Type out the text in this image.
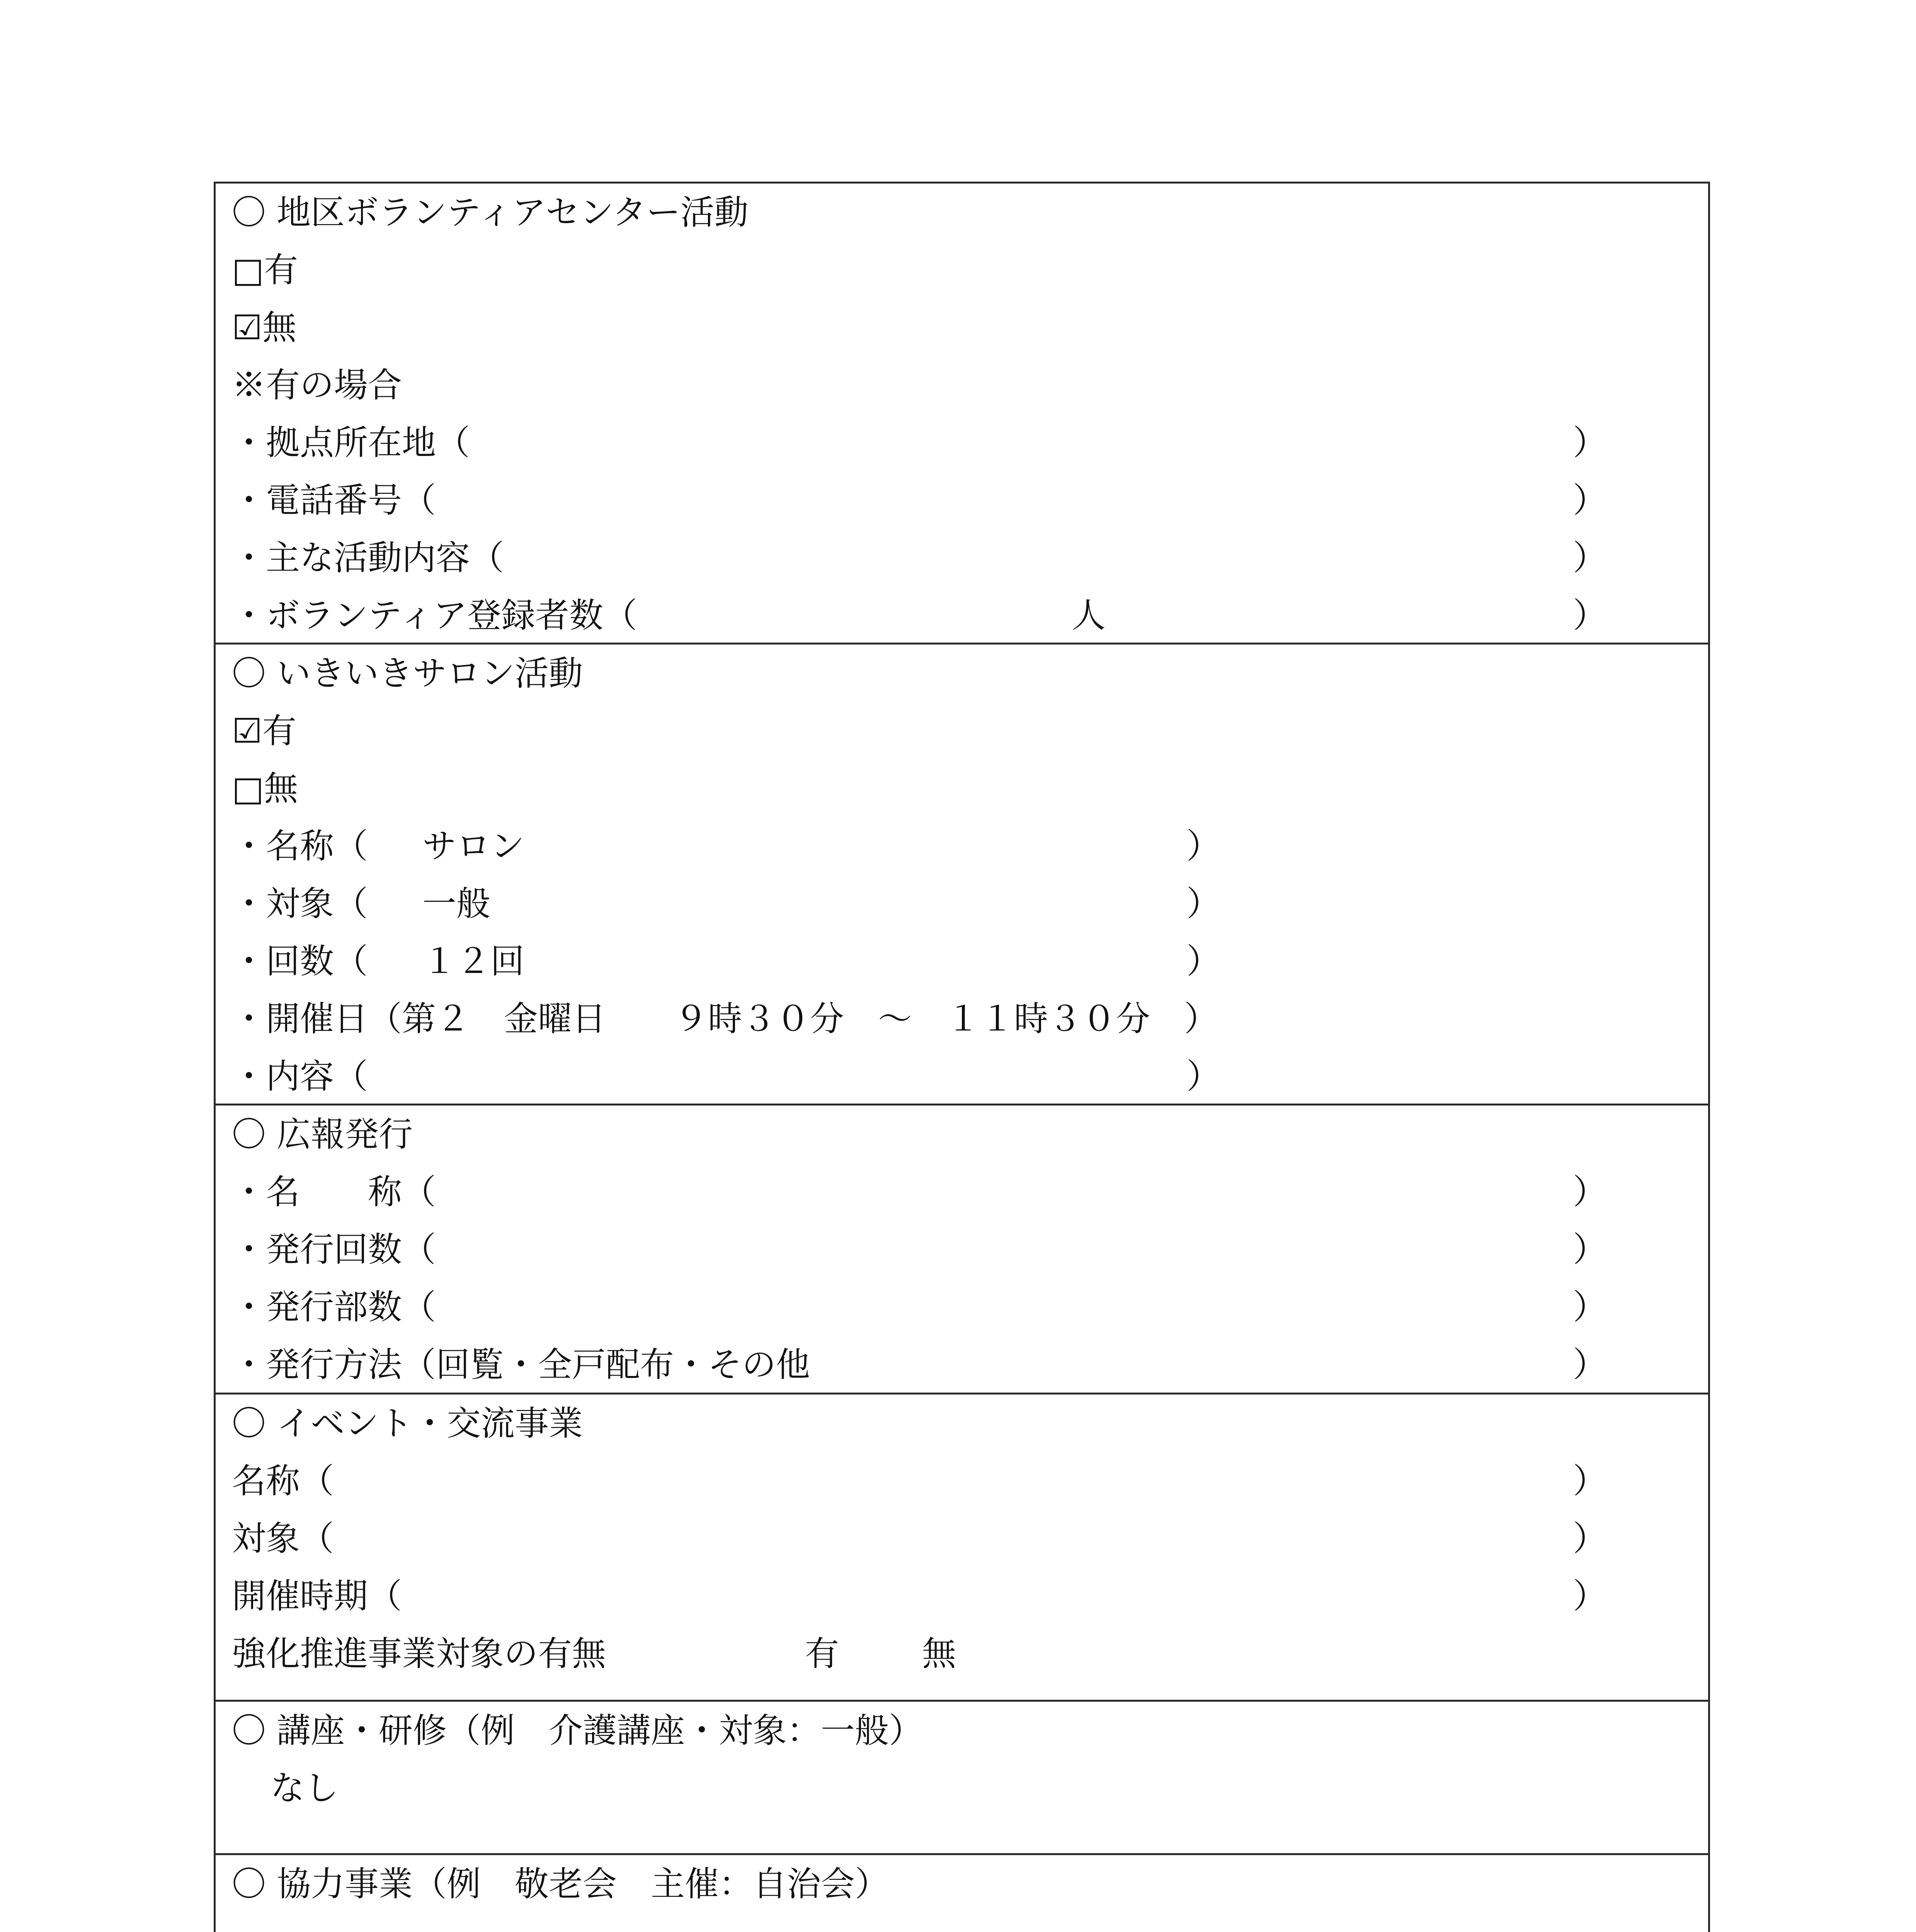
〇 地区ボランティアセンター活動
□有
☑無
※有の場合
・拠点所在地（	）
・電話番号（	）
・主な活動内容（	）
・ボランティア登録者数（	人	）
〇 いきいきサロン活動
☑有
□無
・名称（ サロン	）
・対象（ 一般	）
・回数（ １２回	）
・開催日（第２　金曜日　　９時３０分　～　１１時３０分　）
・内容（	）
〇 広報発行
・名　　称（	）
・発行回数（	）
・発行部数（	）
・発行方法（回覧・全戸配布・その他	）
〇 イベント・交流事業
名称（	）
対象（	）
開催時期（	）
強化推進事業対象の有無	有 無
〇 講座・研修（例　介護講座・対象：一般）
なし
〇 協力事業（例　敬老会　主催：自治会）
